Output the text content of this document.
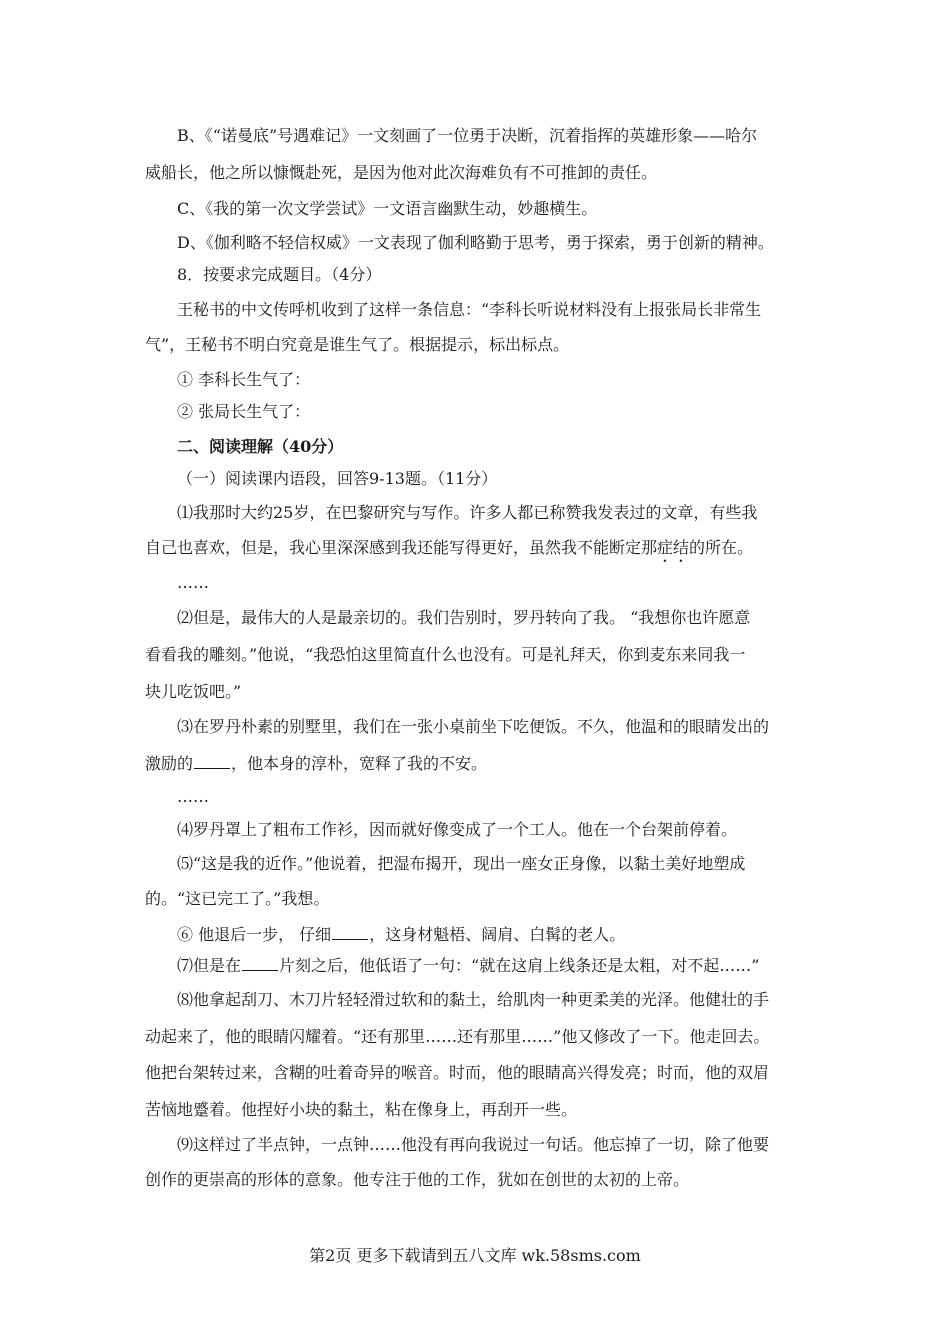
B、《“诺曼底”号遇难记》一文刻画了一位勇于决断，沉着指挥的英雄形象——哈尔
威船长，他之所以慷慨赴死，是因为他对此次海难负有不可推卸的责任。
C、《我的第一次文学尝试》一文语言幽默生动，妙趣横生。
D、《伽利略不轻信权威》一文表现了伽利略勤于思考，勇于探索，勇于创新的精神。
8．按要求完成题目。（4分）
王秘书的中文传呼机收到了这样一条信息：“李科长听说材料没有上报张局长非常生
气”，王秘书不明白究竟是谁生气了。根据提示，标出标点。
① 李科长生气了：
② 张局长生气了：
二、阅读理解（40分）
（一）阅读课内语段，回答9-13题。（11分）
⑴我那时大约25岁，在巴黎研究与写作。许多人都已称赞我发表过的文章，有些我
自己也喜欢，但是，我心里深深感到我还能写得更好，虽然我不能断定那症结的所在。
……
⑵但是，最伟大的人是最亲切的。我们告别时，罗丹转向了我。 “我想你也许愿意
看看我的雕刻。”他说，“我恐怕这里简直什么也没有。可是礼拜天，你到麦东来同我一
块儿吃饭吧。”
⑶在罗丹朴素的别墅里，我们在一张小桌前坐下吃便饭。不久，他温和的眼睛发出的
激励的 ，他本身的淳朴，宽释了我的不安。
……
⑷罗丹罩上了粗布工作衫，因而就好像变成了一个工人。他在一个台架前停着。
⑸“这是我的近作。”他说着，把湿布揭开，现出一座女正身像，以黏土美好地塑成
的。“这已完工了。”我想。
⑥ 他退后一步， 仔细 ，这身材魁梧、阔肩、白髯的老人。
⑺但是在 片刻之后，他低语了一句：“就在这肩上线条还是太粗，对不起……”
⑻他拿起刮刀、木刀片轻轻滑过软和的黏土，给肌肉一种更柔美的光泽。他健壮的手
动起来了，他的眼睛闪耀着。“还有那里……还有那里……”他又修改了一下。他走回去。
他把台架转过来，含糊的吐着奇异的喉音。时而，他的眼睛高兴得发亮；时而，他的双眉
苦恼地蹙着。他捏好小块的黏土，粘在像身上，再刮开一些。
⑼这样过了半点钟，一点钟……他没有再向我说过一句话。他忘掉了一切，除了他要
创作的更崇高的形体的意象。他专注于他的工作，犹如在创世的太初的上帝。
第2页 更多下载请到五八文库 wk.58sms.com
